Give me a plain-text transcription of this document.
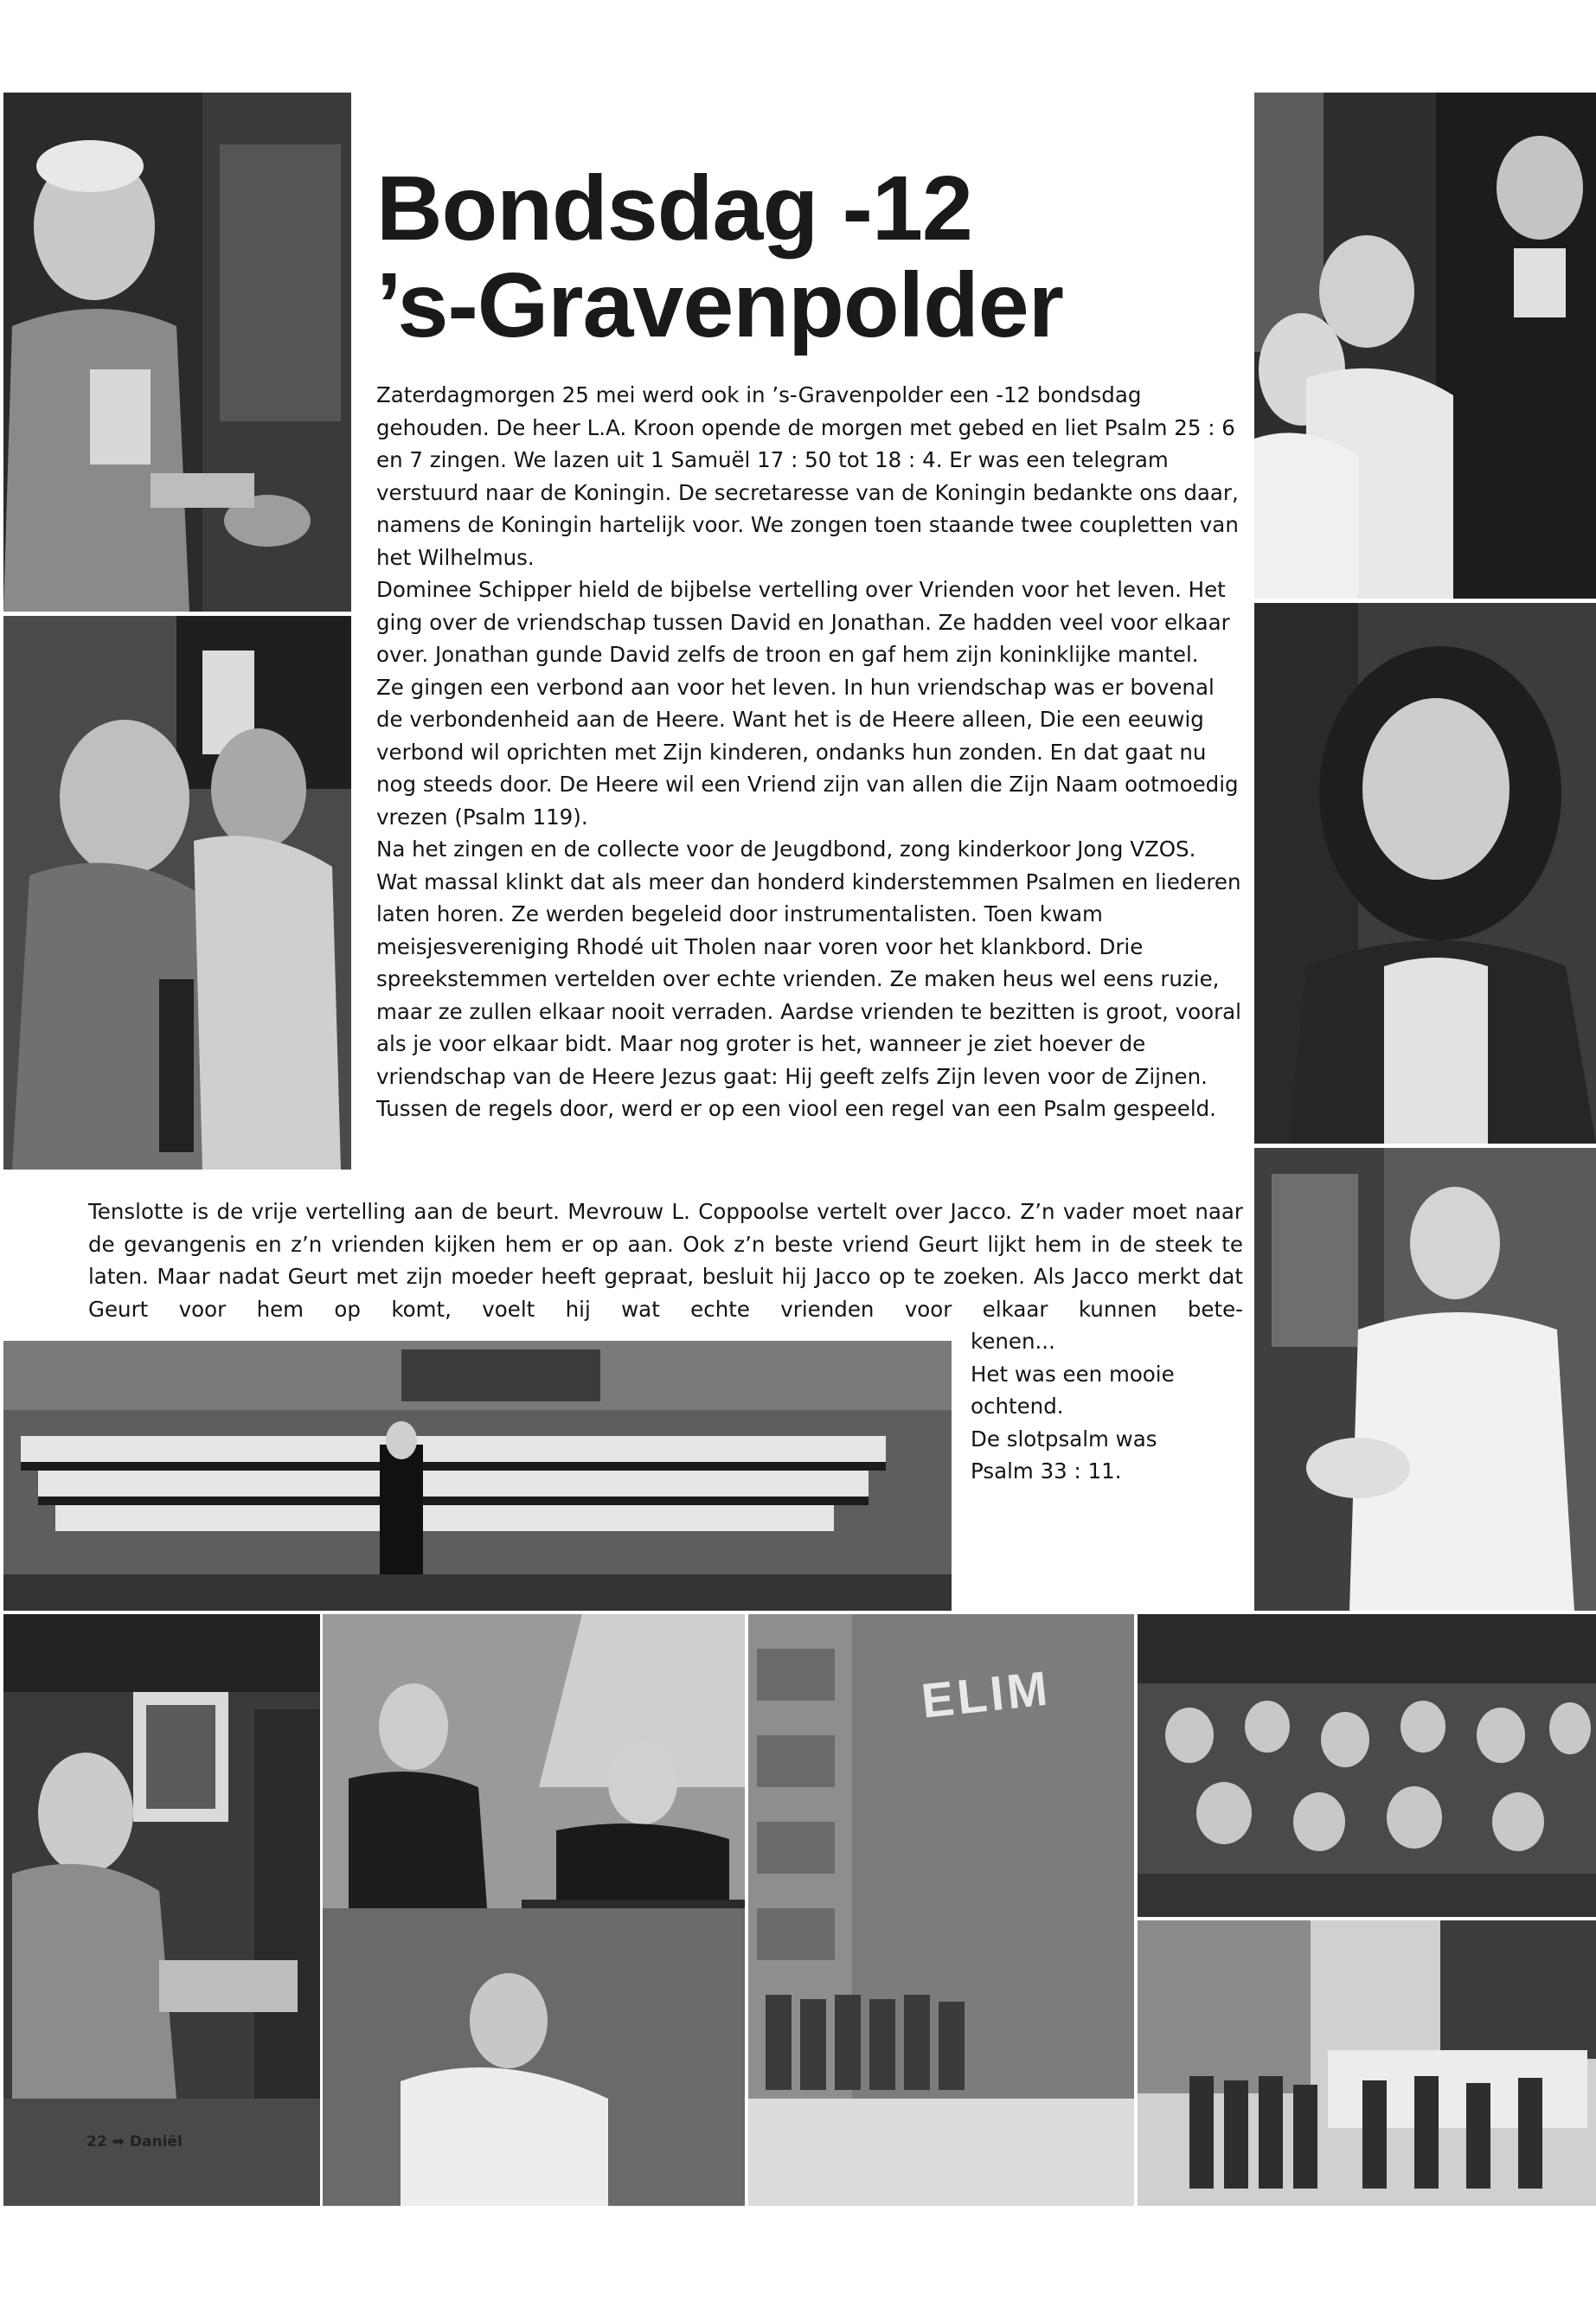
ELIM
Bondsdag -12
’s-Gravenpolder

Zaterdagmorgen 25 mei werd ook in ’s-Gravenpolder een -12 bondsdag gehouden. De heer L.A. Kroon opende de morgen met gebed en liet Psalm 25 : 6 en 7 zingen. We lazen uit 1 Samuël 17 : 50 tot 18 : 4. Er was een telegram verstuurd naar de Koningin. De secretaresse van de Koningin bedankte ons daar, namens de Koningin hartelijk voor. We zongen toen staande twee coupletten van het Wilhelmus.

Dominee Schipper hield de bijbelse vertelling over Vrienden voor het leven. Het ging over de vriendschap tussen David en Jonathan. Ze hadden veel voor elkaar over. Jonathan gunde David zelfs de troon en gaf hem zijn koninklijke mantel.

Ze gingen een verbond aan voor het leven. In hun vriendschap was er bovenal de verbondenheid aan de Heere. Want het is de Heere alleen, Die een eeuwig verbond wil oprichten met Zijn kinderen, ondanks hun zonden. En dat gaat nu nog steeds door. De Heere wil een Vriend zijn van allen die Zijn Naam ootmoedig vrezen (Psalm 119).

Na het zingen en de collecte voor de Jeugdbond, zong kinderkoor Jong VZOS. Wat massal klinkt dat als meer dan honderd kinderstemmen Psalmen en liederen laten horen. Ze werden begeleid door instrumentalisten. Toen kwam meisjesvereniging Rhodé uit Tholen naar voren voor het klankbord. Drie spreekstemmen vertelden over echte vrienden. Ze maken heus wel eens ruzie, maar ze zullen elkaar nooit verraden. Aardse vrienden te bezitten is groot, vooral als je voor elkaar bidt. Maar nog groter is het, wanneer je ziet hoever de vriendschap van de Heere Jezus gaat: Hij geeft zelfs Zijn leven voor de Zijnen. Tussen de regels door, werd er op een viool een regel van een Psalm gespeeld.

Tenslotte is de vrije vertelling aan de beurt. Mevrouw L. Coppoolse vertelt over Jacco. Z’n vader moet naar de gevangenis en z’n vrienden kijken hem er op aan. Ook z’n beste vriend Geurt lijkt hem in de steek te laten. Maar nadat Geurt met zijn moeder heeft gepraat, besluit hij Jacco op te zoeken. Als Jacco merkt dat Geurt voor hem op komt, voelt hij wat echte vrienden voor elkaar kunnen bete-

kenen...

Het was een mooie

ochtend.

De slotpsalm was

Psalm 33 : 11.

22 ➡ Daniël
